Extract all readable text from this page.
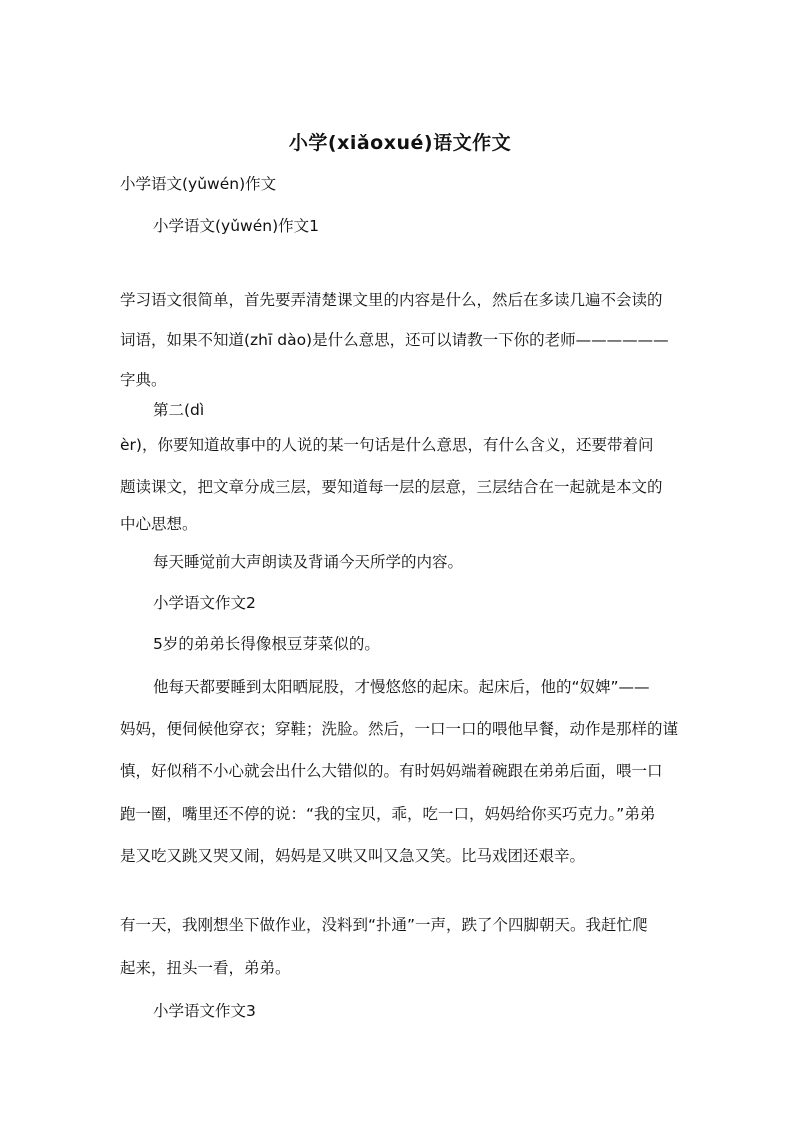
小学(xiǎoxué)语文作文
小学语文(yǔwén)作文
小学语文(yǔwén)作文1
学习语文很简单，首先要弄清楚课文里的内容是什么，然后在多读几遍不会读的
词语，如果不知道(zhī dào)是什么意思，还可以请教一下你的老师——————
字典。
第二(dì
èr)，你要知道故事中的人说的某一句话是什么意思，有什么含义，还要带着问
题读课文，把文章分成三层，要知道每一层的层意，三层结合在一起就是本文的
中心思想。
每天睡觉前大声朗读及背诵今天所学的内容。
小学语文作文2
5岁的弟弟长得像根豆芽菜似的。
他每天都要睡到太阳晒屁股，才慢悠悠的起床。起床后，他的“奴婢”——
妈妈，便伺候他穿衣；穿鞋；洗脸。然后，一口一口的喂他早餐，动作是那样的谨
慎，好似稍不小心就会出什么大错似的。有时妈妈端着碗跟在弟弟后面，喂一口
跑一圈，嘴里还不停的说：“我的宝贝，乖，吃一口，妈妈给你买巧克力。”弟弟
是又吃又跳又哭又闹，妈妈是又哄又叫又急又笑。比马戏团还艰辛。
有一天，我刚想坐下做作业，没料到“扑通”一声，跌了个四脚朝天。我赶忙爬
起来，扭头一看，弟弟。
小学语文作文3
